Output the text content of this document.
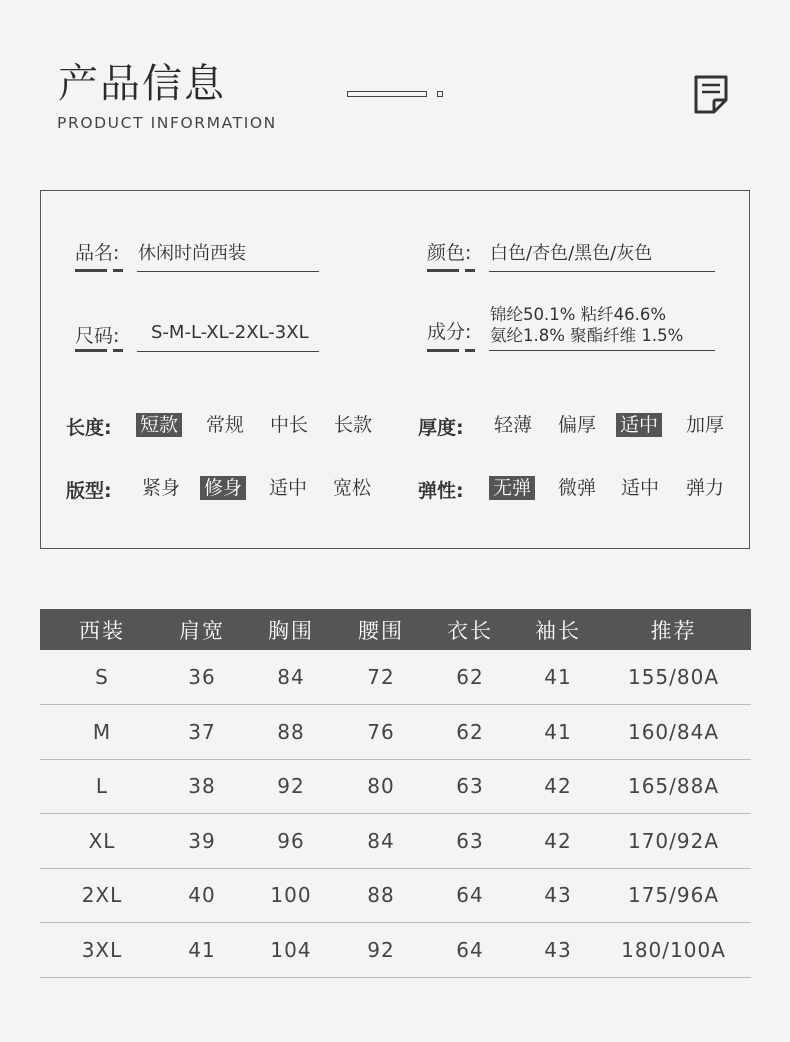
产品信息
PRODUCT INFORMATION
品名: 休闲时尚西装	颜色: 白色/杏色/黑色/灰色
尺码: S-M-L-XL-2XL-3XL	成分:
锦纶50.1% 粘纤46.6%
氨纶1.8% 聚酯纤维 1.5%
长度: 短款 常规 中长 长款 厚度: 轻薄 偏厚 适中 加厚
版型: 紧身 修身 适中 宽松 弹性: 无弹 微弹 适中 弹力
西装	肩宽	胸围	腰围	衣长	袖长	推荐
S	36	84	72	62	41	155/80A
M	37	88	76	62	41	160/84A
L	38	92	80	63	42	165/88A
XL	39	96	84	63	42	170/92A
2XL	40	100	88	64	43	175/96A
3XL	41	104	92	64	43	180/100A
